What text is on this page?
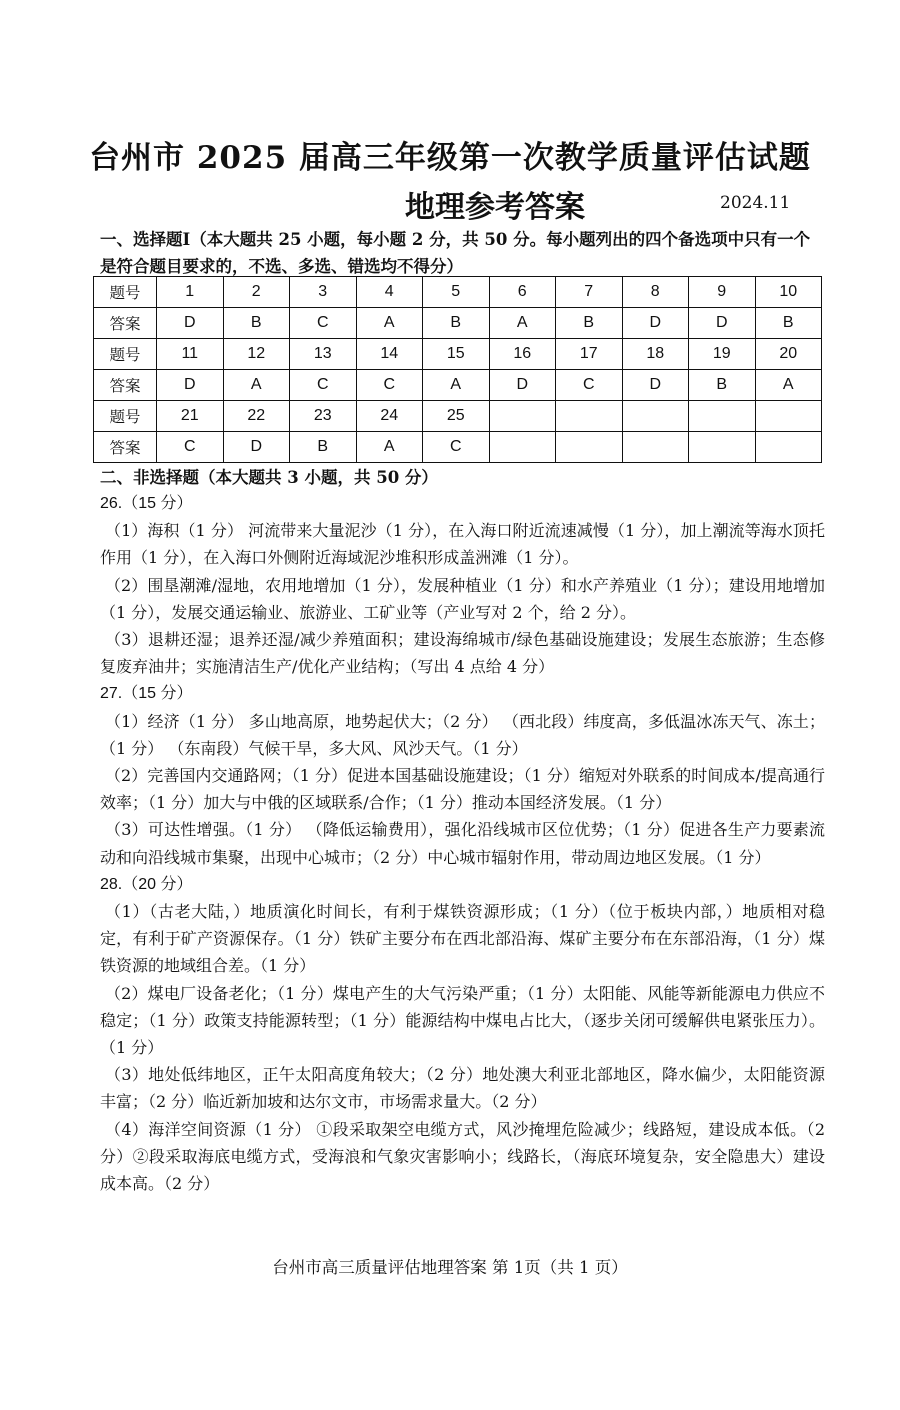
台州市 2025 届高三年级第一次教学质量评估试题
地理参考答案	2024.11
一、选择题Ⅰ（本大题共 25 小题，每小题 2 分，共 50 分。每小题列出的四个备选项中只有一个是符合题目要求的，不选、多选、错选均不得分）
题号	1	2	3	4	5	6	7	8	9	10
答案	D	B	C	A	B	A	B	D	D	B
题号	11	12	13	14	15	16	17	18	19	20
答案	D	A	C	C	A	D	C	D	B	A
题号	21	22	23	24	25					
答案	C	D	B	A	C					
二、非选择题（本大题共 3 小题，共 50 分）

26.（15 分）

（1）海积（1 分） 河流带来大量泥沙（1 分），在入海口附近流速减慢（1 分），加上潮流等海水顶托作用（1 分），在入海口外侧附近海域泥沙堆积形成盖洲滩（1 分）。

（2）围垦潮滩/湿地，农用地增加（1 分），发展种植业（1 分）和水产养殖业（1 分）；建设用地增加（1 分），发展交通运输业、旅游业、工矿业等（产业写对 2 个，给 2 分）。

（3）退耕还湿；退养还湿/减少养殖面积；建设海绵城市/绿色基础设施建设；发展生态旅游；生态修复废弃油井；实施清洁生产/优化产业结构；（写出 4 点给 4 分）

27.（15 分）

（1）经济（1 分） 多山地高原，地势起伏大；（2 分） （西北段）纬度高，多低温冰冻天气、冻土；（1 分） （东南段）气候干旱，多大风、风沙天气。（1 分）

（2）完善国内交通路网；（1 分）促进本国基础设施建设；（1 分）缩短对外联系的时间成本/提高通行效率；（1 分）加大与中俄的区域联系/合作；（1 分）推动本国经济发展。（1 分）

（3）可达性增强。（1 分） （降低运输费用），强化沿线城市区位优势；（1 分）促进各生产力要素流动和向沿线城市集聚，出现中心城市；（2 分）中心城市辐射作用，带动周边地区发展。（1 分）

28.（20 分）

（1）（古老大陆，）地质演化时间长，有利于煤铁资源形成；（1 分）（位于板块内部，）地质相对稳定，有利于矿产资源保存。（1 分）铁矿主要分布在西北部沿海、煤矿主要分布在东部沿海，（1 分）煤铁资源的地域组合差。（1 分）

（2）煤电厂设备老化；（1 分）煤电产生的大气污染严重；（1 分）太阳能、风能等新能源电力供应不稳定；（1 分）政策支持能源转型；（1 分）能源结构中煤电占比大，（逐步关闭可缓解供电紧张压力）。（1 分）

（3）地处低纬地区，正午太阳高度角较大；（2 分）地处澳大利亚北部地区，降水偏少，太阳能资源丰富；（2 分）临近新加坡和达尔文市，市场需求量大。（2 分）

（4）海洋空间资源（1 分） ①段采取架空电缆方式，风沙掩埋危险减少；线路短，建设成本低。（2 分）②段采取海底电缆方式，受海浪和气象灾害影响小；线路长，（海底环境复杂，安全隐患大）建设成本高。（2 分）

台州市高三质量评估地理答案 第 1页（共 1 页）
